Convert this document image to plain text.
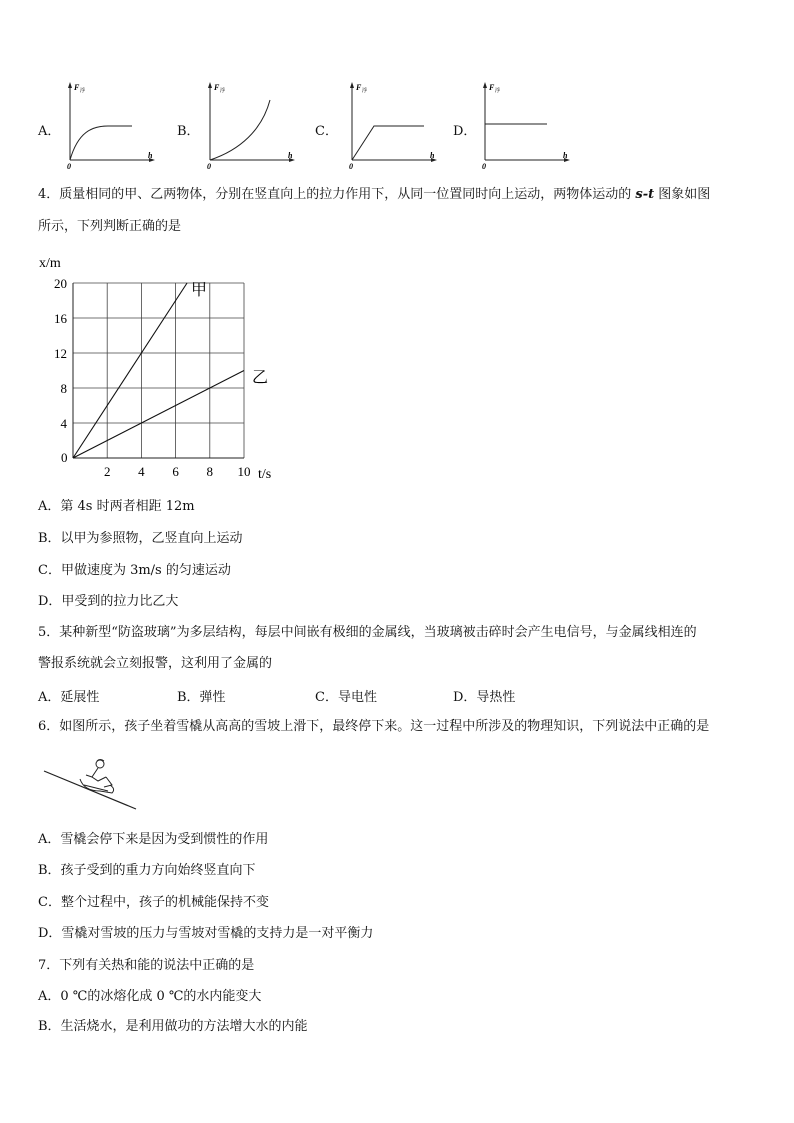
A．	B．	C．	D．
F 浮
h
0
F 浮
h
0
F 浮
h
0
F 浮
h
0
4．质量相同的甲、乙两物体，分别在竖直向上的拉力作用下，从同一位置同时向上运动，两物体运动的 s-t 图象如图
所示，下列判断正确的是
0
2 4 6 8 10
4
8
12
16
20	甲
乙
x/m
t/s
A．第 4s 时两者相距 12m
B．以甲为参照物，乙竖直向上运动
C．甲做速度为 3m/s 的匀速运动
D．甲受到的拉力比乙大
5．某种新型“防盗玻璃”为多层结构，每层中间嵌有极细的金属线，当玻璃被击碎时会产生电信号，与金属线相连的
警报系统就会立刻报警，这利用了金属的
A．延展性	B．弹性	C．导电性	D．导热性
6．如图所示，孩子坐着雪橇从高高的雪坡上滑下，最终停下来。这一过程中所涉及的物理知识，下列说法中正确的是
A．雪橇会停下来是因为受到惯性的作用
B．孩子受到的重力方向始终竖直向下
C．整个过程中，孩子的机械能保持不变
D．雪橇对雪坡的压力与雪坡对雪橇的支持力是一对平衡力
7．下列有关热和能的说法中正确的是
A．0 ℃的冰熔化成 0 ℃的水内能变大
B．生活烧水，是利用做功的方法增大水的内能
